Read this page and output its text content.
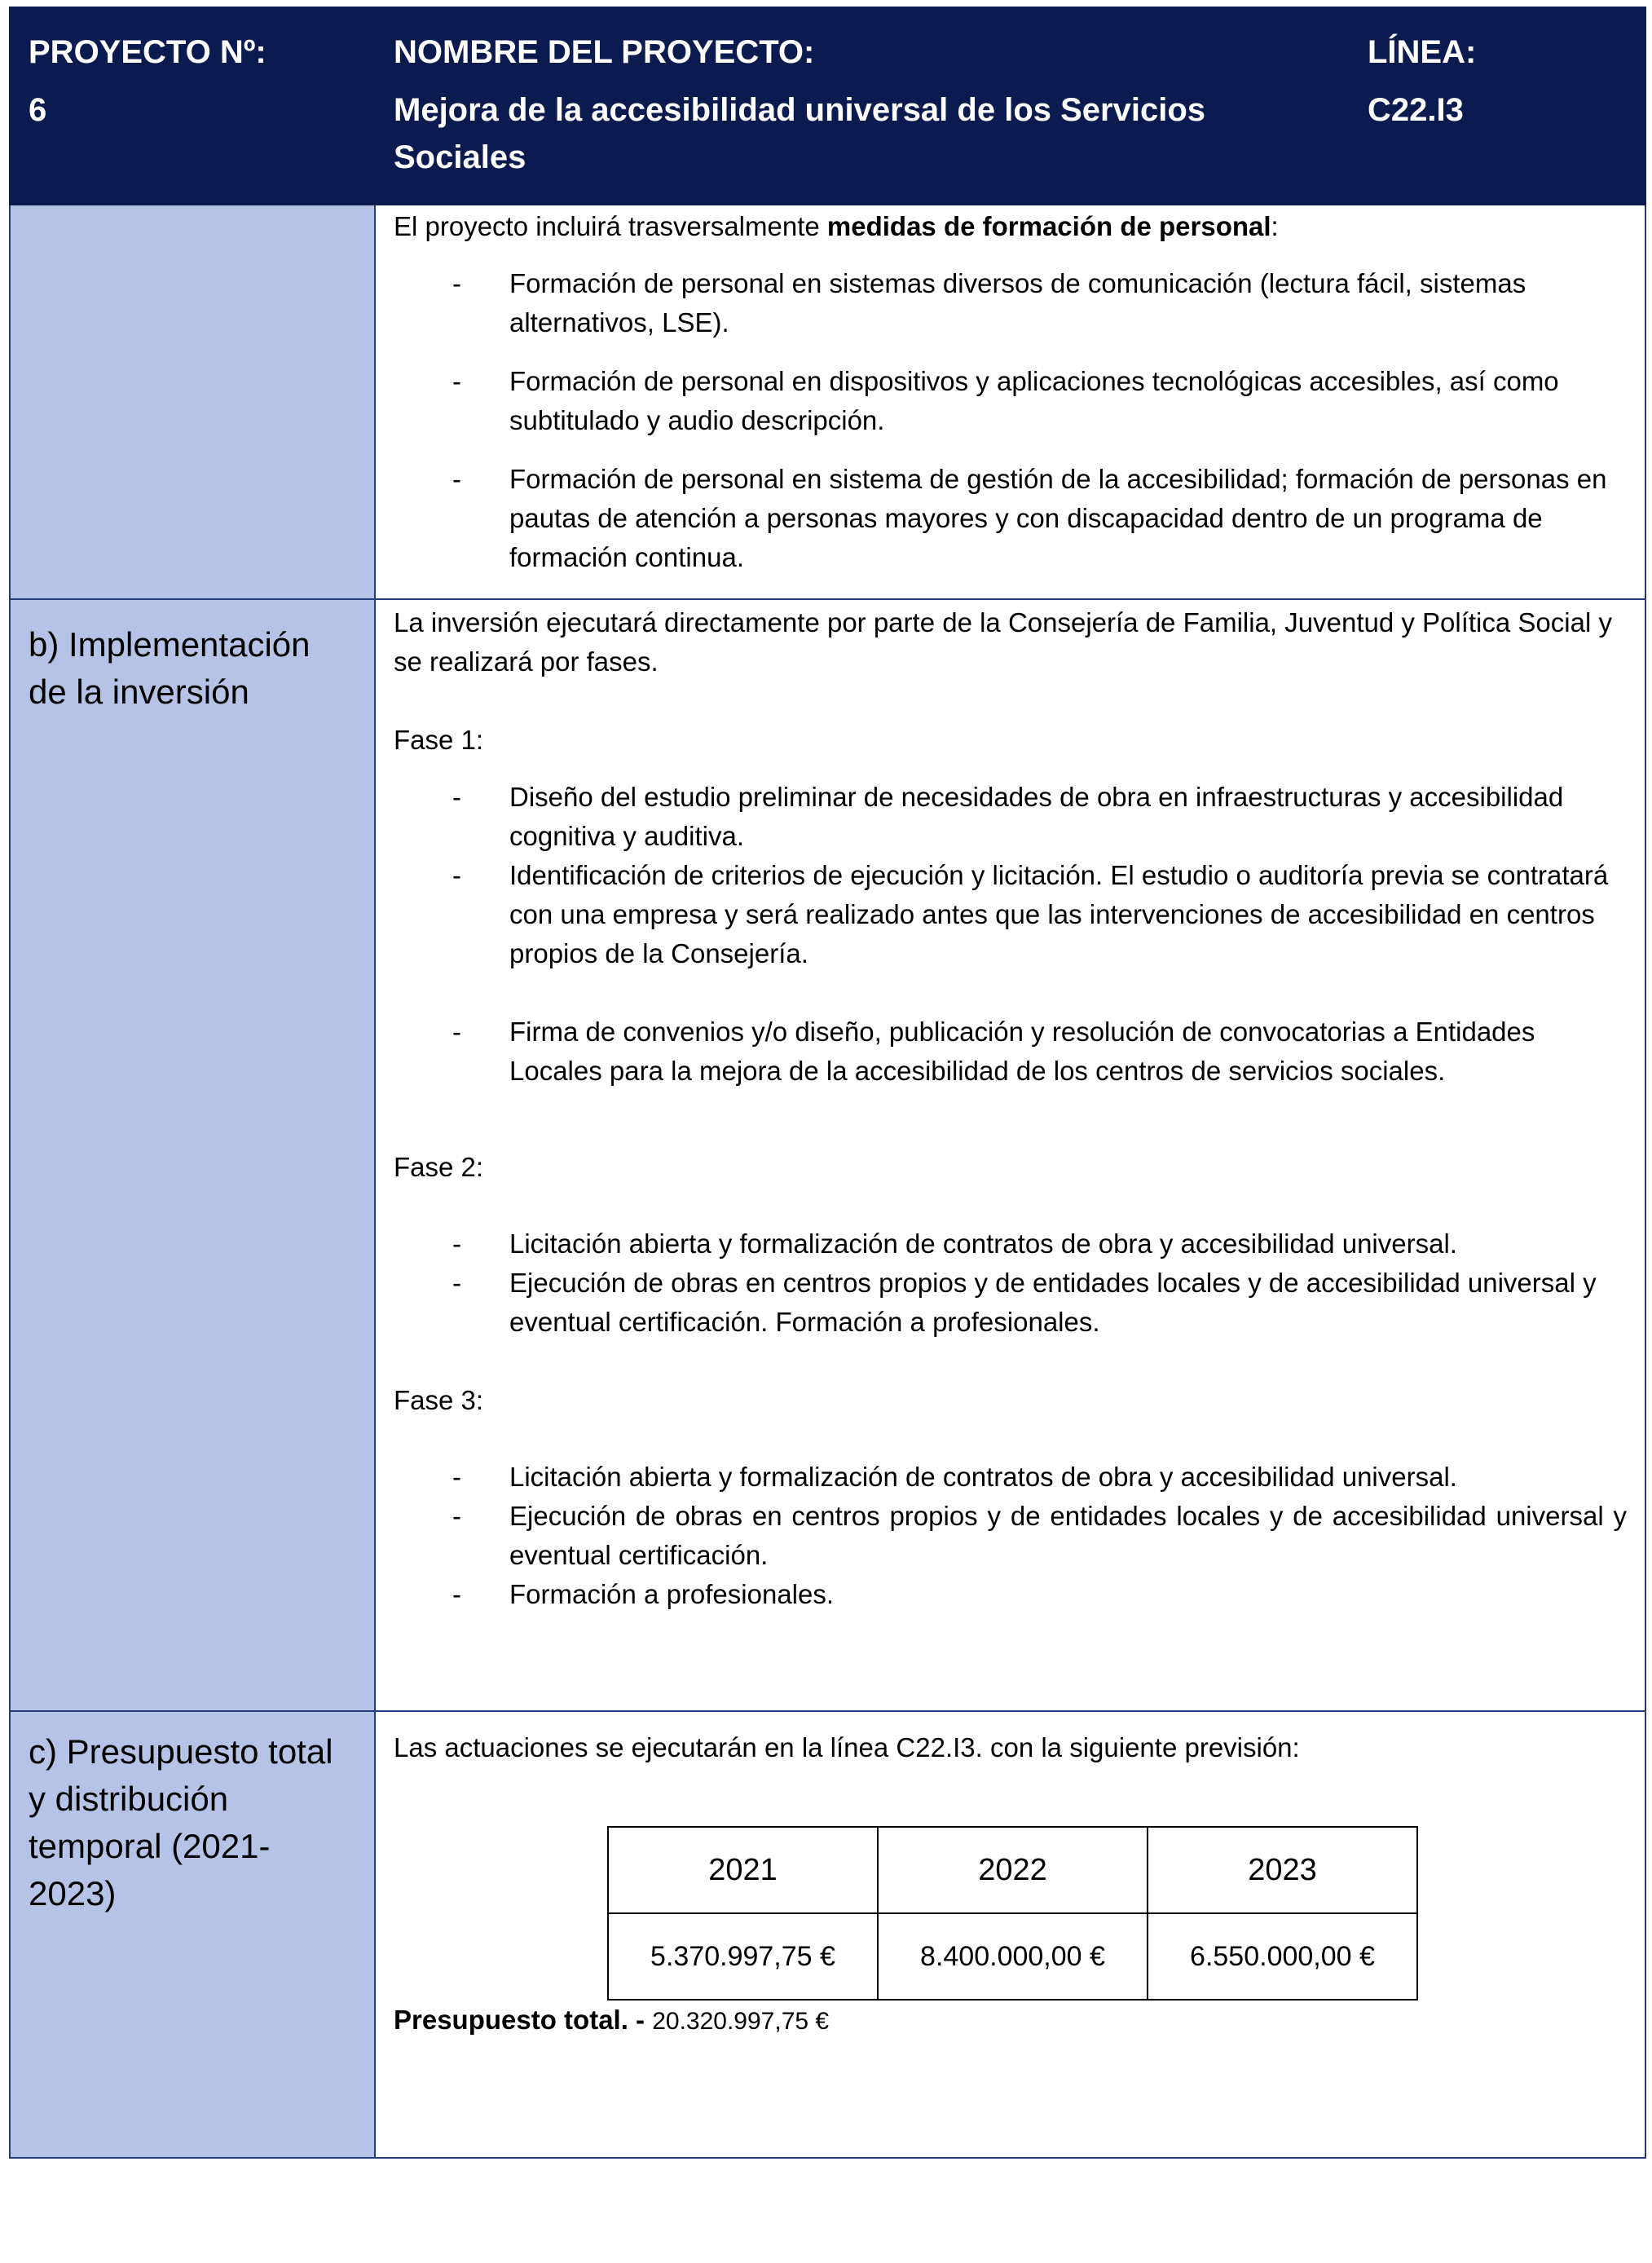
PROYECTO Nº:
6

NOMBRE DEL PROYECTO:
Mejora de la accesibilidad universal de los Servicios Sociales

LÍNEA:
C22.I3

El proyecto incluirá trasversalmente medidas de formación de personal:

- Formación de personal en sistemas diversos de comunicación (lectura fácil, sistemas alternativos, LSE).
- Formación de personal en dispositivos y aplicaciones tecnológicas accesibles, así como subtitulado y audio descripción.
- Formación de personal en sistema de gestión de la accesibilidad; formación de personas en pautas de atención a personas mayores y con discapacidad dentro de un programa de formación continua.

b) Implementación de la inversión

La inversión ejecutará directamente por parte de la Consejería de Familia, Juventud y Política Social y se realizará por fases.

Fase 1:

- Diseño del estudio preliminar de necesidades de obra en infraestructuras y accesibilidad cognitiva y auditiva.
- Identificación de criterios de ejecución y licitación. El estudio o auditoría previa se contratará con una empresa y será realizado antes que las intervenciones de accesibilidad en centros propios de la Consejería.
- Firma de convenios y/o diseño, publicación y resolución de convocatorias a Entidades Locales para la mejora de la accesibilidad de los centros de servicios sociales.

Fase 2:

- Licitación abierta y formalización de contratos de obra y accesibilidad universal.
- Ejecución de obras en centros propios y de entidades locales y de accesibilidad universal y eventual certificación. Formación a profesionales.

Fase 3:

- Licitación abierta y formalización de contratos de obra y accesibilidad universal.
- Ejecución de obras en centros propios y de entidades locales y de accesibilidad universal y eventual certificación.
- Formación a profesionales.

c) Presupuesto total y distribución temporal (2021-2023)

Las actuaciones se ejecutarán en la línea C22.I3. con la siguiente previsión:

2021	2022	2023
5.370.997,75 €	8.400.000,00 €	6.550.000,00 €

Presupuesto total. - 20.320.997,75 €
